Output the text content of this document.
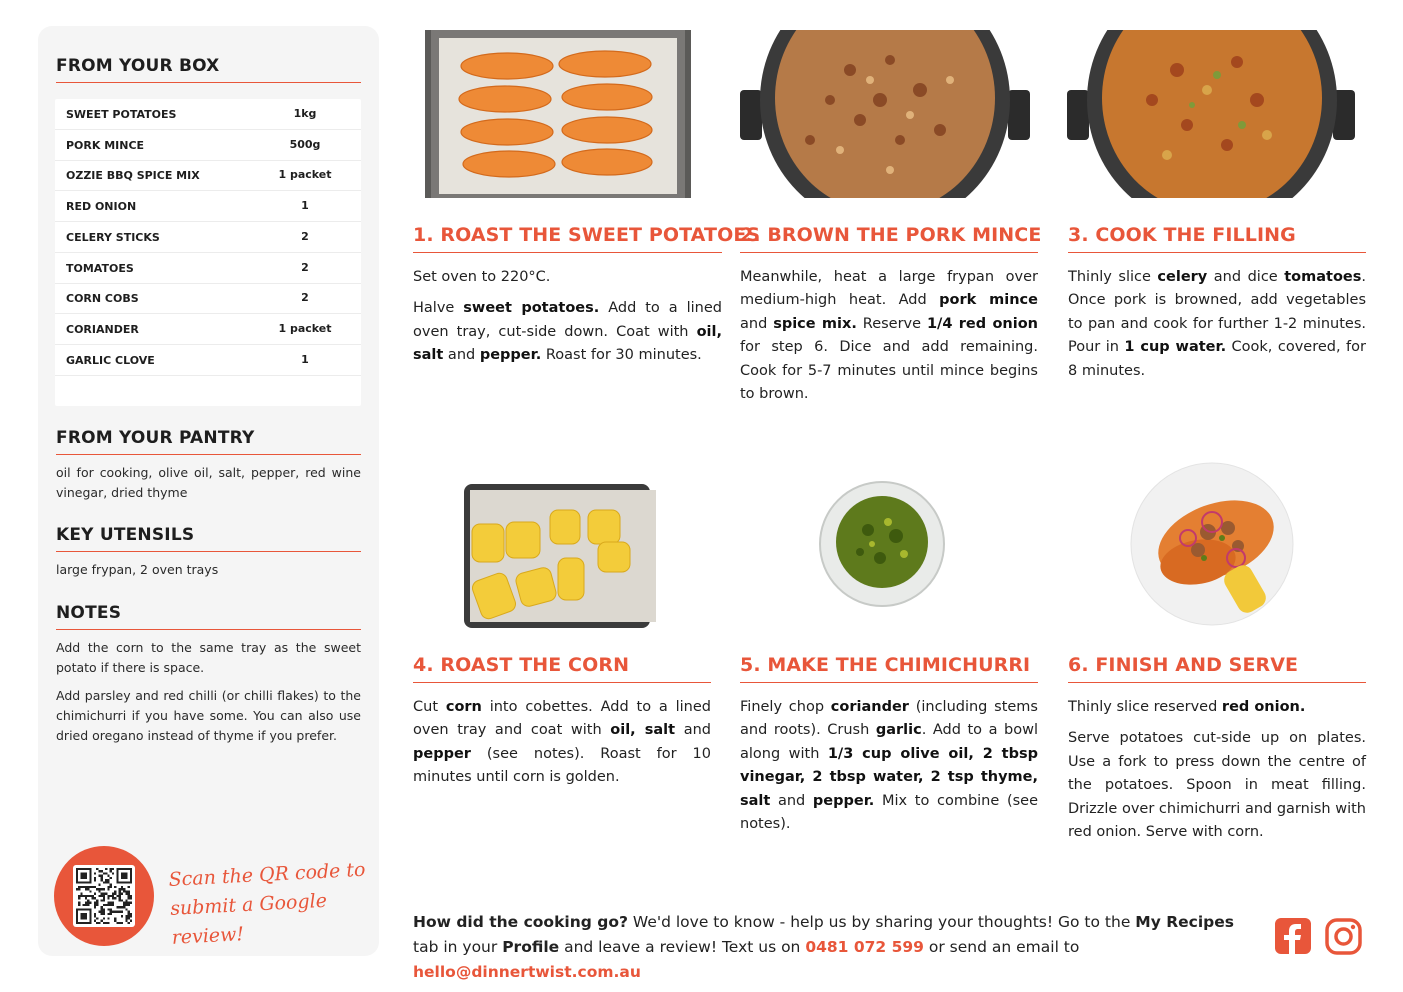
FROM YOUR BOX
SWEET POTATOES	1kg
PORK MINCE	500g
OZZIE BBQ SPICE MIX	1 packet
RED ONION	1
CELERY STICKS	2
TOMATOES	2
CORN COBS	2
CORIANDER	1 packet
GARLIC CLOVE	1
FROM YOUR PANTRY
oil for cooking, olive oil, salt, pepper, red wine vinegar, dried thyme
KEY UTENSILS
large frypan, 2 oven trays
NOTES

Add the corn to the same tray as the sweet potato if there is space.

Add parsley and red chilli (or chilli flakes) to the chimichurri if you have some. You can also use dried oregano instead of thyme if you prefer.

Scan the QR code to
submit a Google review!
1. ROAST THE SWEET POTATOES

Set oven to 220°C.

Halve sweet potatoes. Add to a lined oven tray, cut-side down. Coat with oil, salt and pepper. Roast for 30 minutes.

2. BROWN THE PORK MINCE

Meanwhile, heat a large frypan over medium-high heat. Add pork mince and spice mix. Reserve 1/4 red onion for step 6. Dice and add remaining. Cook for 5-7 minutes until mince begins to brown.

3. COOK THE FILLING

Thinly slice celery and dice tomatoes. Once pork is browned, add vegetables to pan and cook for further 1-2 minutes. Pour in 1 cup water. Cook, covered, for 8 minutes.

4. ROAST THE CORN

Cut corn into cobettes. Add to a lined oven tray and coat with oil, salt and pepper (see notes). Roast for 10 minutes until corn is golden.

5. MAKE THE CHIMICHURRI

Finely chop coriander (including stems and roots). Crush garlic. Add to a bowl along with 1/3 cup olive oil, 2 tbsp vinegar, 2 tbsp water, 2 tsp thyme, salt and pepper. Mix to combine (see notes).

6. FINISH AND SERVE

Thinly slice reserved red onion.

Serve potatoes cut-side up on plates. Use a fork to press down the centre of the potatoes. Spoon in meat filling. Drizzle over chimichurri and garnish with red onion. Serve with corn.

How did the cooking go? We'd love to know - help us by sharing your thoughts! Go to the My Recipes tab in your Profile and leave a review! Text us on 0481 072 599 or send an email to hello@dinnertwist.com.au
